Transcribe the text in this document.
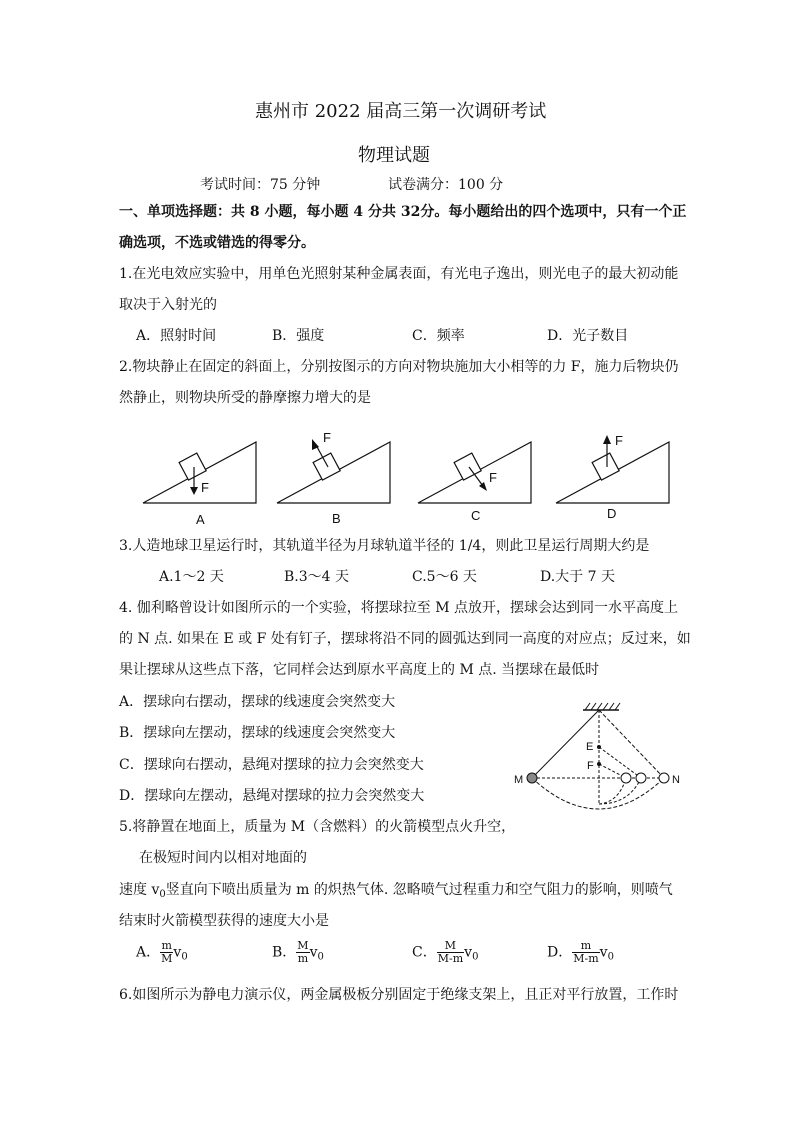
惠州市 2022 届高三第一次调研考试
物理试题
考试时间：75 分钟	试卷满分：100 分
一、单项选择题：共 8 小题，每小题 4 分共 32分。每小题给出的四个选项中，只有一个正
确选项，不选或错选的得零分。
1.在光电效应实验中，用单色光照射某种金属表面，有光电子逸出，则光电子的最大初动能
取决于入射光的
A．照射时间	B．强度	C．频率	D．光子数目
2.物块静止在固定的斜面上，分别按图示的方向对物块施加大小相等的力 F，施力后物块仍
然静止，则物块所受的静摩擦力增大的是
F
A
F
B
F
C
F
D
3.人造地球卫星运行时，其轨道半径为月球轨道半径的 1/4，则此卫星运行周期大约是
A.1～2 天	B.3～4 天	C.5～6 天	D.大于 7 天
4. 伽利略曾设计如图所示的一个实验，将摆球拉至 M 点放开，摆球会达到同一水平高度上
的 N 点. 如果在 E 或 F 处有钉子，摆球将沿不同的圆弧达到同一高度的对应点；反过来，如
果让摆球从这些点下落，它同样会达到原水平高度上的 M 点. 当摆球在最低时
A．摆球向右摆动，摆球的线速度会突然变大
B．摆球向左摆动，摆球的线速度会突然变大
C．摆球向右摆动，悬绳对摆球的拉力会突然变大
D．摆球向左摆动，悬绳对摆球的拉力会突然变大
E
F
M	N
5.将静置在地面上，质量为 M（含燃料）的火箭模型点火升空，
在极短时间内以相对地面的
速度 $v_0$竖直向下喷出质量为 m 的炽热气体. 忽略喷气过程重力和空气阻力的影响，则喷气
结束时火箭模型获得的速度大小是
A． $\frac{m}{M} v_0$	B． $\frac{M}{m} v_0$	C． $\frac{M}{M-m} v_0$	D． $\frac{m}{M-m} v_0$
6.如图所示为静电力演示仪，两金属极板分别固定于绝缘支架上，且正对平行放置，工作时
